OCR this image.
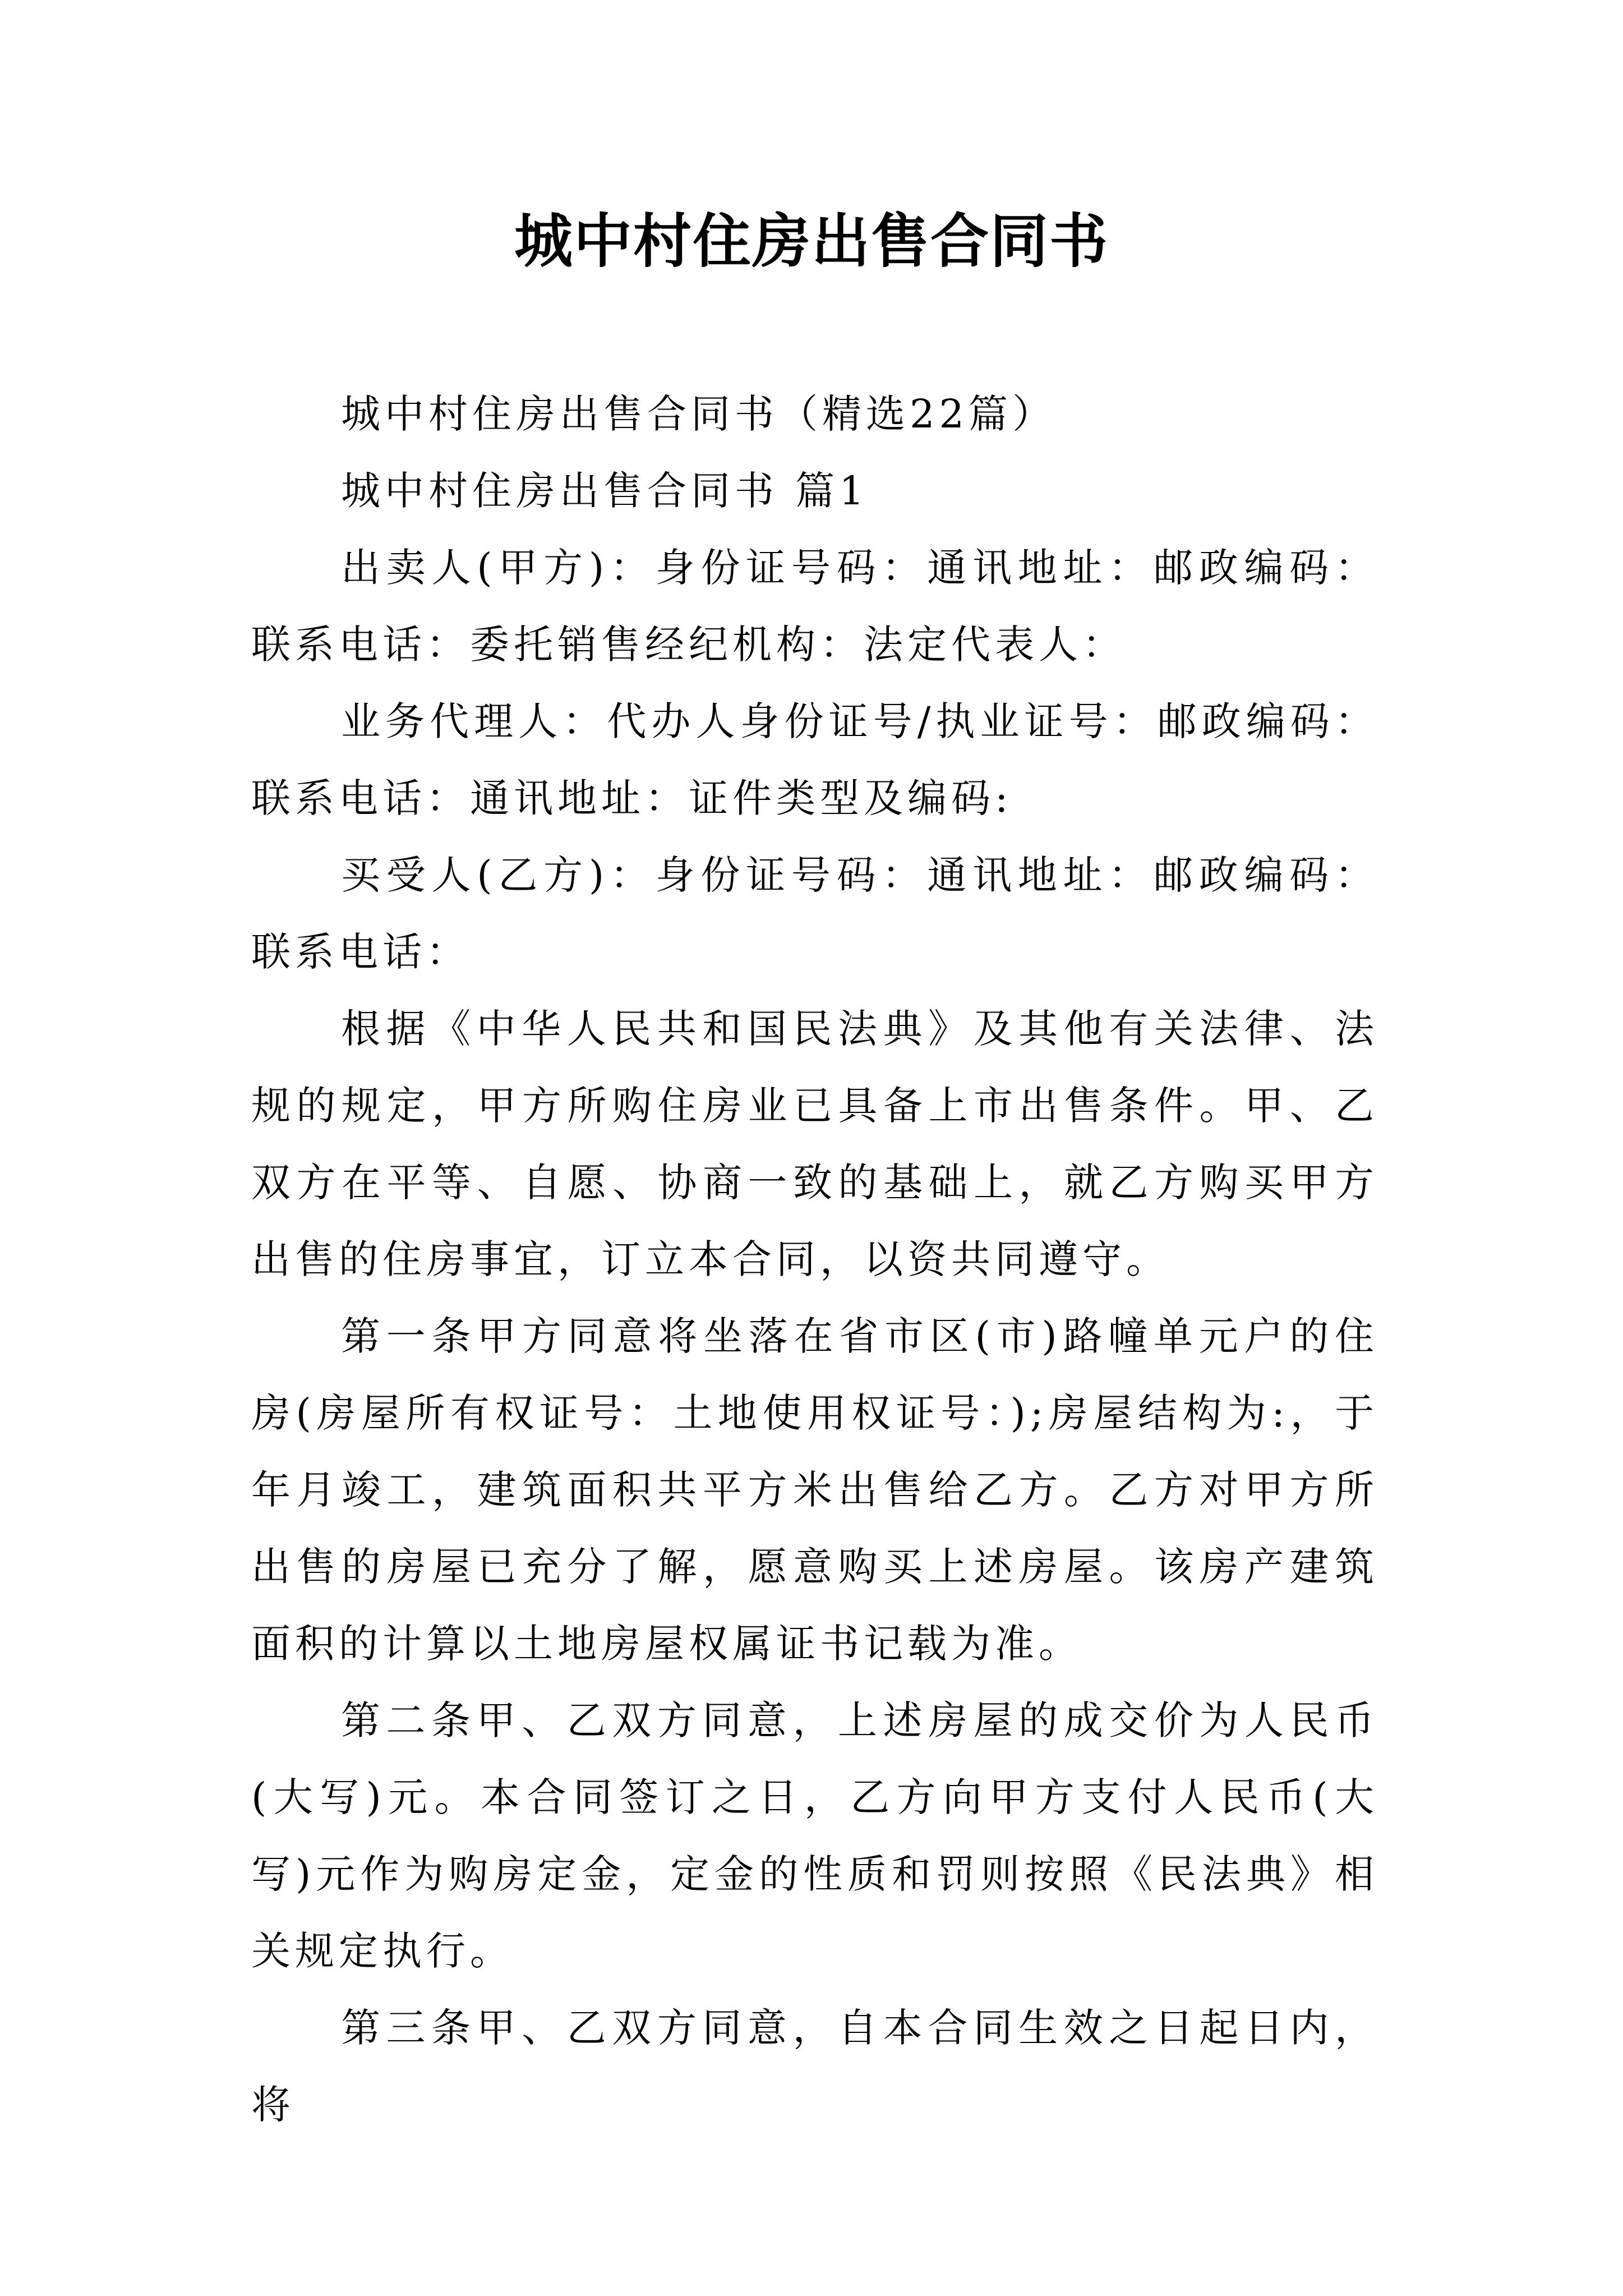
城中村住房出售合同书

城中村住房出售合同书（精选22篇）

城中村住房出售合同书 篇1

出卖人(甲方)：身份证号码：通讯地址：邮政编码：联系电话：委托销售经纪机构：法定代表人：

业务代理人：代办人身份证号/执业证号：邮政编码：联系电话：通讯地址：证件类型及编码:

买受人(乙方)：身份证号码：通讯地址：邮政编码：联系电话：

根据《中华人民共和国民法典》及其他有关法律、法规的规定，甲方所购住房业已具备上市出售条件。甲、乙双方在平等、自愿、协商一致的基础上，就乙方购买甲方出售的住房事宜，订立本合同，以资共同遵守。

第一条甲方同意将坐落在省市区(市)路幢单元户的住房(房屋所有权证号：土地使用权证号：);房屋结构为:，于年月竣工，建筑面积共平方米出售给乙方。乙方对甲方所出售的房屋已充分了解，愿意购买上述房屋。该房产建筑面积的计算以土地房屋权属证书记载为准。

第二条甲、乙双方同意，上述房屋的成交价为人民币(大写)元。本合同签订之日，乙方向甲方支付人民币(大写)元作为购房定金，定金的性质和罚则按照《民法典》相关规定执行。

第三条甲、乙双方同意，自本合同生效之日起日内，将
